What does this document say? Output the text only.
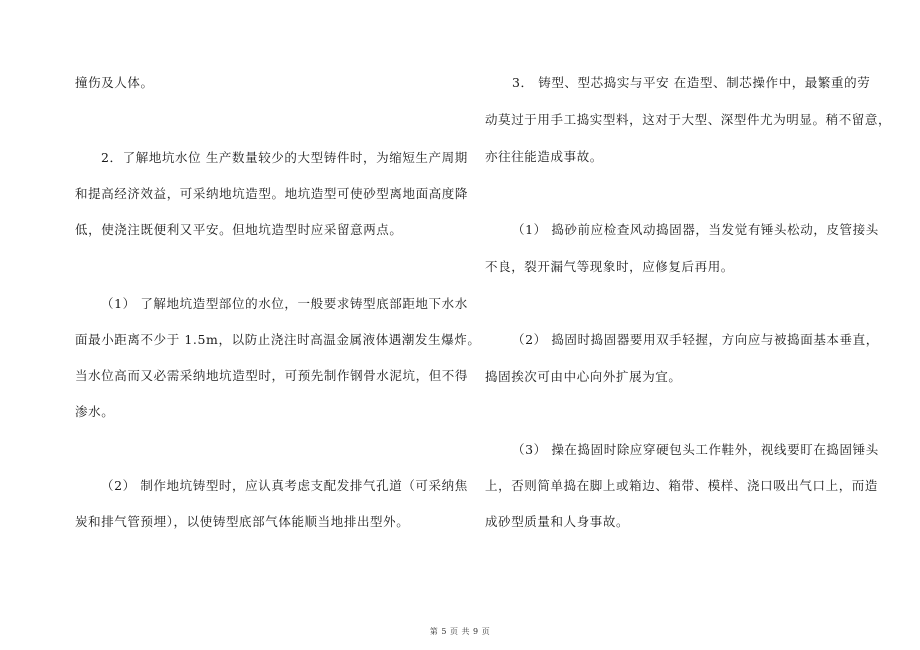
撞伤及人体。
2．了解地坑水位 生产数量较少的大型铸件时，为缩短生产周期
和提高经济效益，可采纳地坑造型。地坑造型可使砂型离地面高度降
低，使浇注既便利又平安。但地坑造型时应采留意两点。
（1） 了解地坑造型部位的水位，一般要求铸型底部距地下水水
面最小距离不少于 1.5m，以防止浇注时高温金属液体遇潮发生爆炸。
当水位高而又必需采纳地坑造型时，可预先制作钢骨水泥坑，但不得
渗水。
（2） 制作地坑铸型时，应认真考虑支配发排气孔道（可采纳焦
炭和排气管预埋），以使铸型底部气体能顺当地排出型外。
3． 铸型、型芯捣实与平安 在造型、制芯操作中，最繁重的劳
动莫过于用手工捣实型料，这对于大型、深型件尤为明显。稍不留意，
亦往往能造成事故。
（1） 捣砂前应检查风动捣固器，当发觉有锤头松动，皮管接头
不良，裂开漏气等现象时，应修复后再用。
（2） 捣固时捣固器要用双手轻握，方向应与被捣面基本垂直，
捣固挨次可由中心向外扩展为宜。
（3） 操在捣固时除应穿硬包头工作鞋外，视线要盯在捣固锤头
上，否则简单捣在脚上或箱边、箱带、模样、浇口吸出气口上，而造
成砂型质量和人身事故。
第 5 页 共 9 页
